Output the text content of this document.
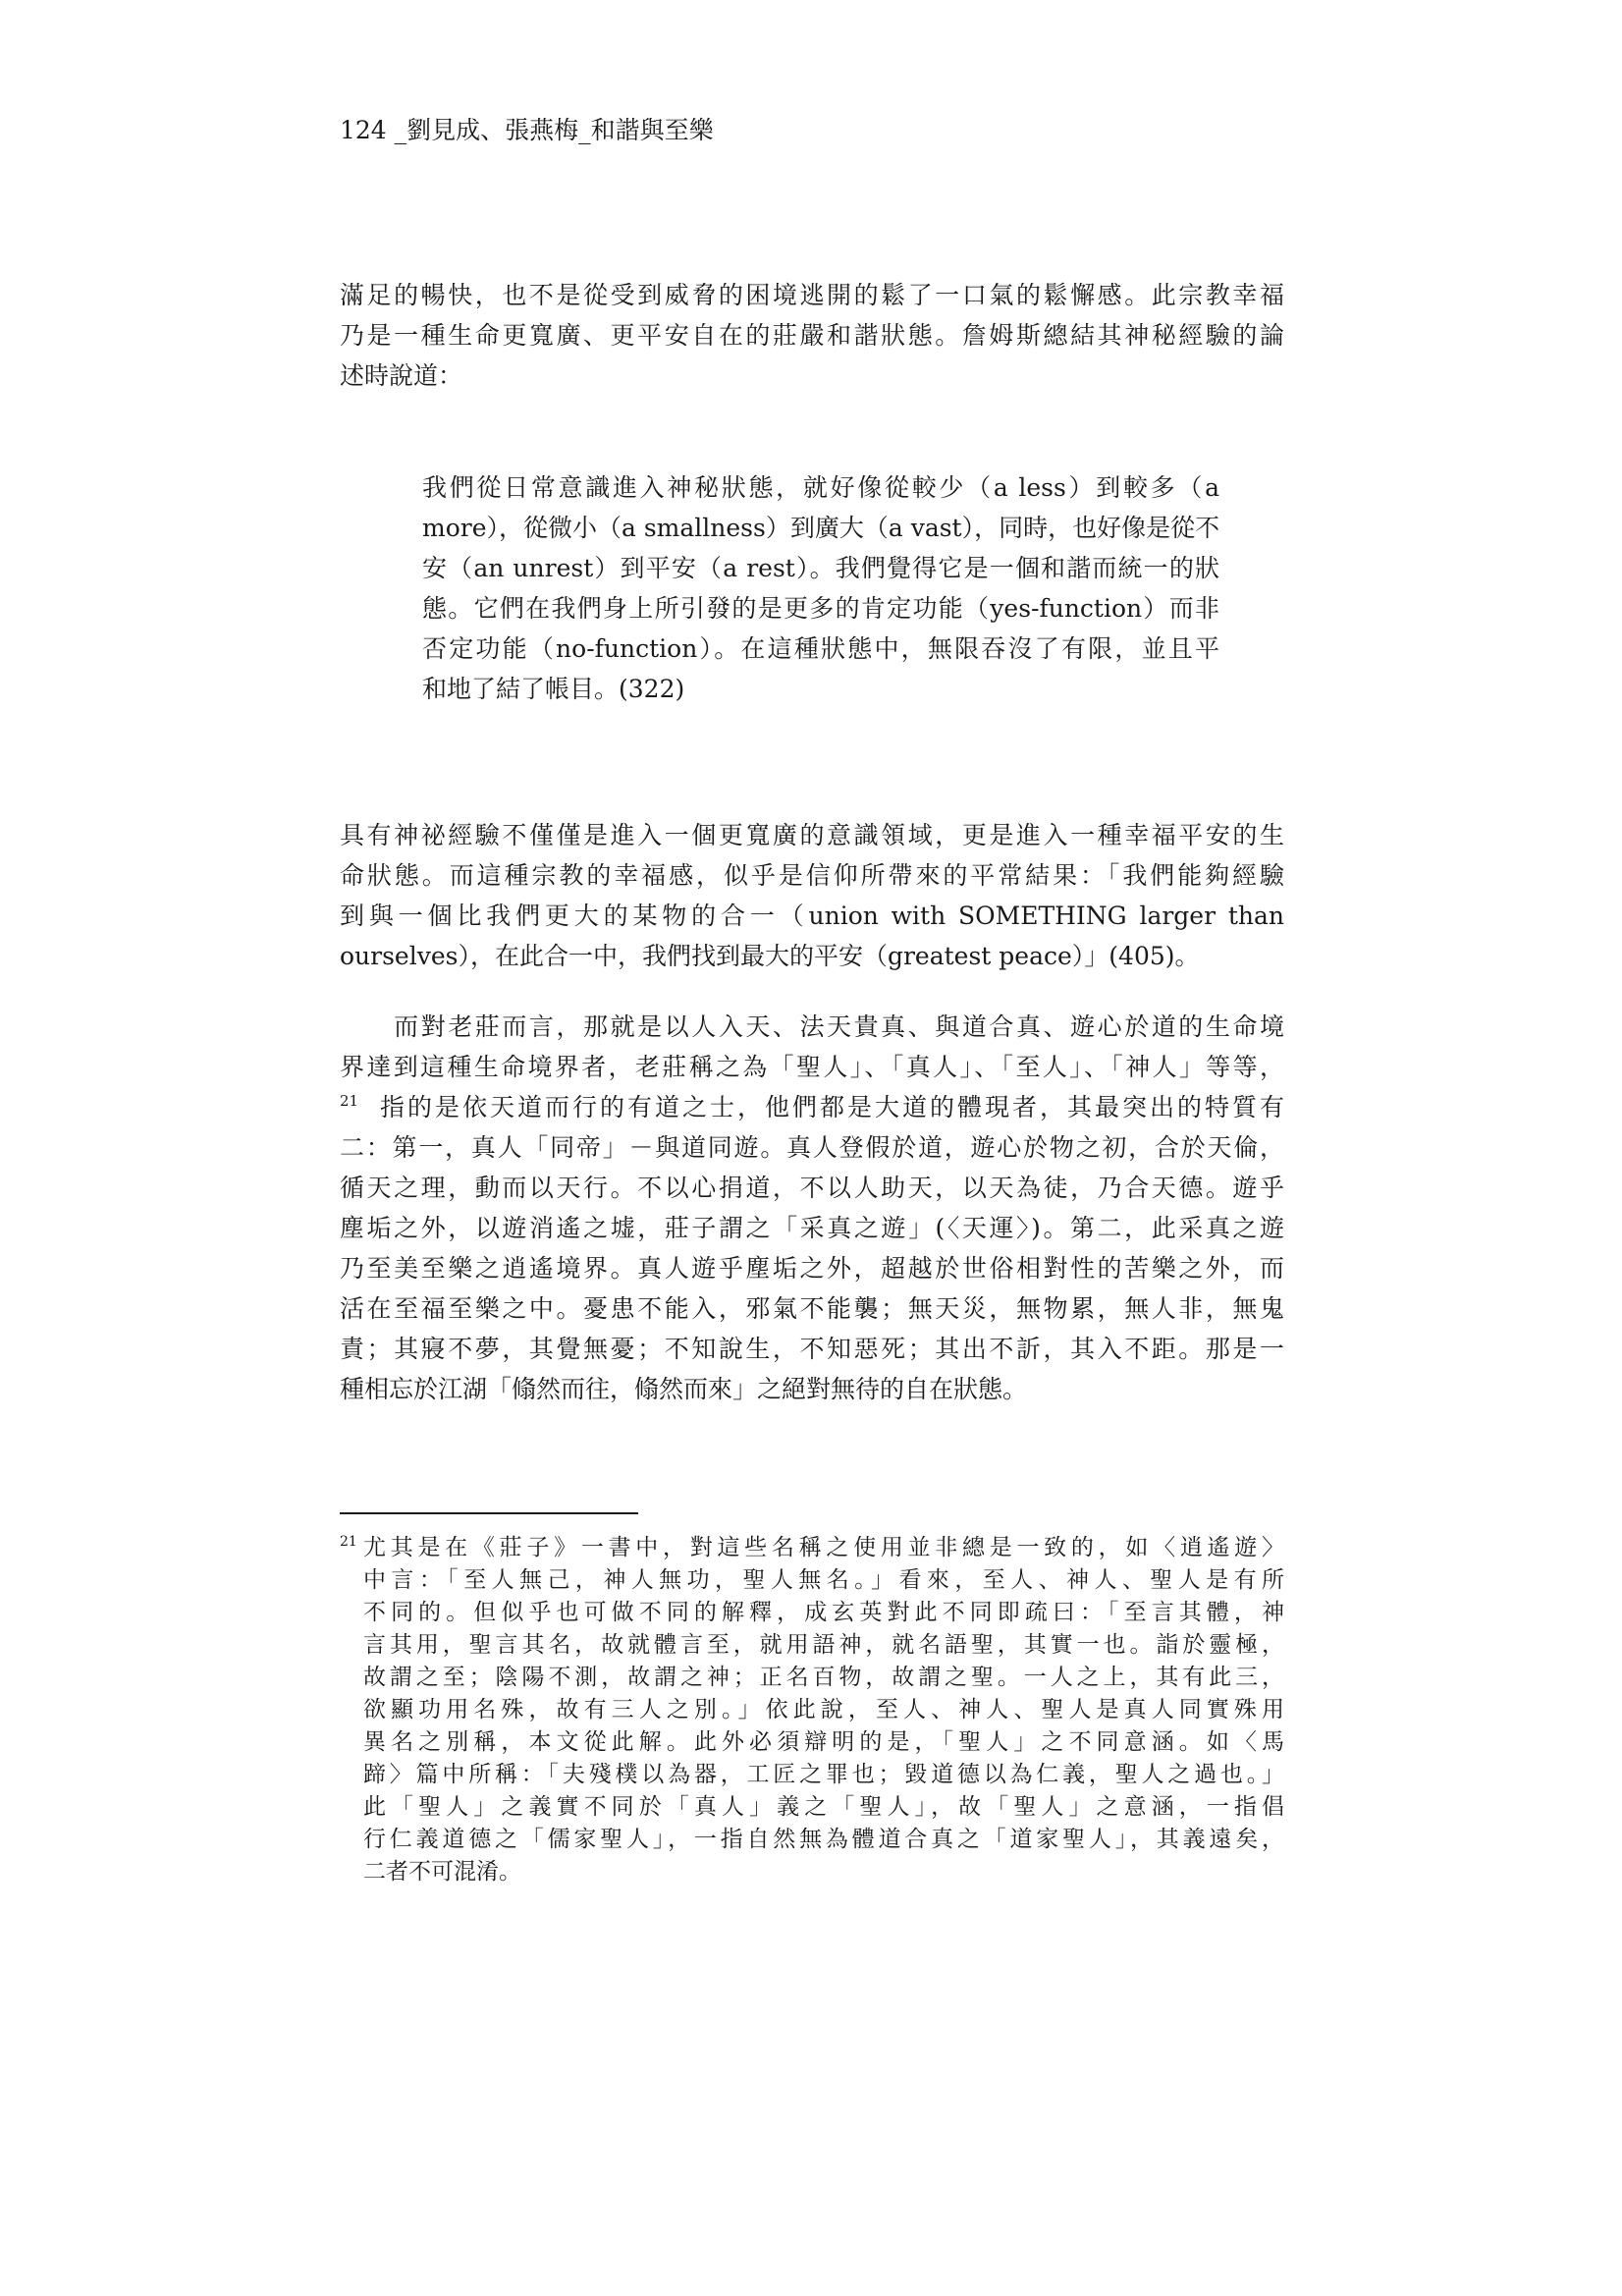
124 _劉見成、張燕梅_和諧與至樂
滿足的暢快，也不是從受到威脅的困境逃開的鬆了一口氣的鬆懈感。此宗教幸福
乃是一種生命更寬廣、更平安自在的莊嚴和諧狀態。詹姆斯總結其神秘經驗的論
述時說道：
我們從日常意識進入神秘狀態，就好像從較少（a less）到較多（a
more），從微小（a smallness）到廣大（a vast），同時，也好像是從不
安（an unrest）到平安（a rest）。我們覺得它是一個和諧而統一的狀
態。它們在我們身上所引發的是更多的肯定功能（yes-function）而非
否定功能（no-function）。在這種狀態中，無限吞沒了有限，並且平
和地了結了帳目。(322)
具有神祕經驗不僅僅是進入一個更寬廣的意識領域，更是進入一種幸福平安的生
命狀態。而這種宗教的幸福感，似乎是信仰所帶來的平常結果：「我們能夠經驗
到與一個比我們更大的某物的合一（union with SOMETHING larger than
ourselves），在此合一中，我們找到最大的平安（greatest peace）」(405)。
　　而對老莊而言，那就是以人入天、法天貴真、與道合真、遊心於道的生命境
界達到這種生命境界者，老莊稱之為「聖人」、「真人」、「至人」、「神人」等等，
$^{21}$ 指的是依天道而行的有道之士，他們都是大道的體現者，其最突出的特質有
二：第一，真人「同帝」－與道同遊。真人登假於道，遊心於物之初，合於天倫，
循天之理，動而以天行。不以心捐道，不以人助天，以天為徒，乃合天德。遊乎
塵垢之外，以遊消遙之墟，莊子謂之「采真之遊」(〈天運〉)。第二，此采真之遊
乃至美至樂之逍遙境界。真人遊乎塵垢之外，超越於世俗相對性的苦樂之外，而
活在至福至樂之中。憂患不能入，邪氣不能襲；無天災，無物累，無人非，無鬼
責；其寢不夢，其覺無憂；不知說生，不知惡死；其出不訢，其入不距。那是一
種相忘於江湖「翛然而往，翛然而來」之絕對無待的自在狀態。
21 尤其是在《莊子》一書中，對這些名稱之使用並非總是一致的，如〈逍遙遊〉
中言：「至人無己，神人無功，聖人無名。」看來，至人、神人、聖人是有所
不同的。但似乎也可做不同的解釋，成玄英對此不同即疏曰：「至言其體，神
言其用，聖言其名，故就體言至，就用語神，就名語聖，其實一也。詣於靈極，
故謂之至；陰陽不測，故謂之神；正名百物，故謂之聖。一人之上，其有此三，
欲顯功用名殊，故有三人之別。」依此說，至人、神人、聖人是真人同實殊用
異名之別稱，本文從此解。此外必須辯明的是，「聖人」之不同意涵。如〈馬
蹄〉篇中所稱：「夫殘樸以為器，工匠之罪也；毀道德以為仁義，聖人之過也。」
此「聖人」之義實不同於「真人」義之「聖人」，故「聖人」之意涵，一指倡
行仁義道德之「儒家聖人」，一指自然無為體道合真之「道家聖人」，其義遠矣，
二者不可混淆。
